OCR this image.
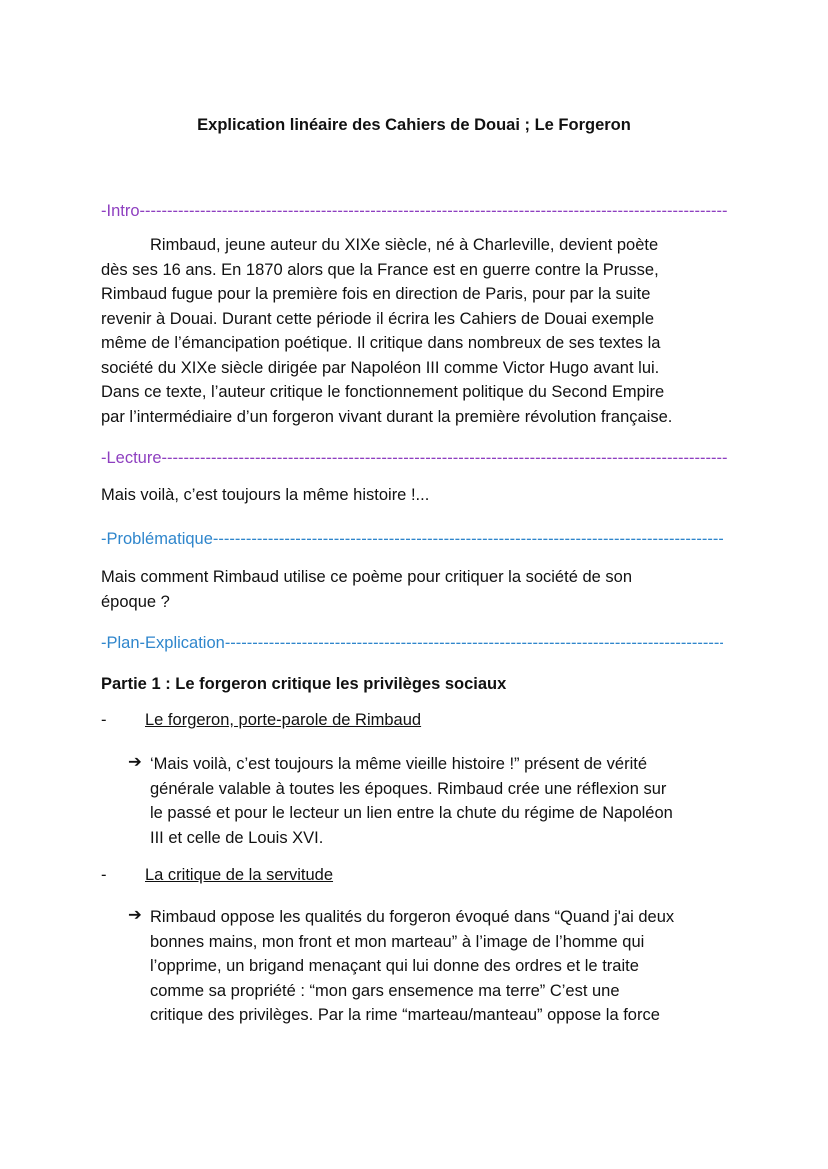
Explication linéaire des Cahiers de Douai ; Le Forgeron
-Intro -----
Rimbaud, jeune auteur du XIXe siècle, né à Charleville, devient poète
dès ses 16 ans. En 1870 alors que la France est en guerre contre la Prusse,
Rimbaud fugue pour la première fois en direction de Paris, pour par la suite
revenir à Douai. Durant cette période il écrira les Cahiers de Douai exemple
même de l’émancipation poétique. Il critique dans nombreux de ses textes la
société du XIXe siècle dirigée par Napoléon III comme Victor Hugo avant lui.
Dans ce texte, l’auteur critique le fonctionnement politique du Second Empire
par l’intermédiaire d’un forgeron vivant durant la première révolution française.
-Lecture -----
Mais voilà, c’est toujours la même histoire !...
-Problématique -----
Mais comment Rimbaud utilise ce poème pour critiquer la société de son
époque ?
-Plan-Explication -----
Partie 1 : Le forgeron critique les privilèges sociaux
- Le forgeron, porte-parole de Rimbaud
➔ ‘Mais voilà, c’est toujours la même vieille histoire !” présent de vérité
générale valable à toutes les époques. Rimbaud crée une réflexion sur
le passé et pour le lecteur un lien entre la chute du régime de Napoléon
III et celle de Louis XVI.
- La critique de la servitude
➔ Rimbaud oppose les qualités du forgeron évoqué dans “Quand j'ai deux
bonnes mains, mon front et mon marteau” à l’image de l’homme qui
l’opprime, un brigand menaçant qui lui donne des ordres et le traite
comme sa propriété : “mon gars ensemence ma terre” C’est une
critique des privilèges. Par la rime “marteau/manteau” oppose la force
